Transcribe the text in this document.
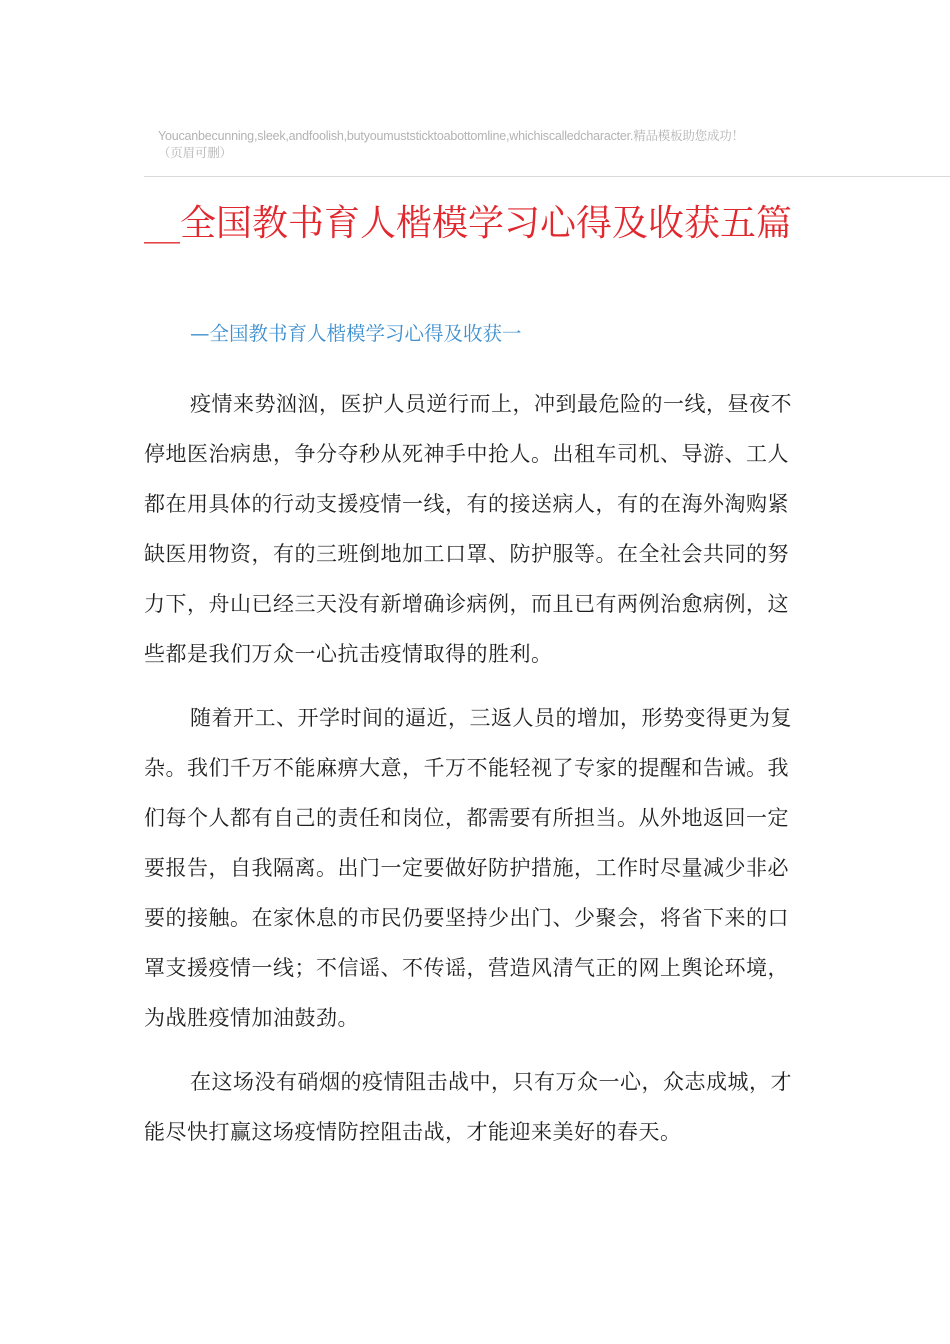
Youcanbecunning,sleek,andfoolish,butyoumuststicktoabottomline,whichiscalledcharacter.精品模板助您成功！（页眉可删）
__全国教书育人楷模学习心得及收获五篇
—全国教书育人楷模学习心得及收获一

疫情来势汹汹，医护人员逆行而上，冲到最危险的一线，昼夜不停地医治病患，争分夺秒从死神手中抢人。出租车司机、导游、工人都在用具体的行动支援疫情一线，有的接送病人，有的在海外淘购紧缺医用物资，有的三班倒地加工口罩、防护服等。在全社会共同的努力下，舟山已经三天没有新增确诊病例，而且已有两例治愈病例，这些都是我们万众一心抗击疫情取得的胜利。

随着开工、开学时间的逼近，三返人员的增加，形势变得更为复杂。我们千万不能麻痹大意，千万不能轻视了专家的提醒和告诫。我们每个人都有自己的责任和岗位，都需要有所担当。从外地返回一定要报告，自我隔离。出门一定要做好防护措施，工作时尽量减少非必要的接触。在家休息的市民仍要坚持少出门、少聚会，将省下来的口罩支援疫情一线；不信谣、不传谣，营造风清气正的网上舆论环境，为战胜疫情加油鼓劲。

在这场没有硝烟的疫情阻击战中，只有万众一心，众志成城，才能尽快打赢这场疫情防控阻击战，才能迎来美好的春天。
